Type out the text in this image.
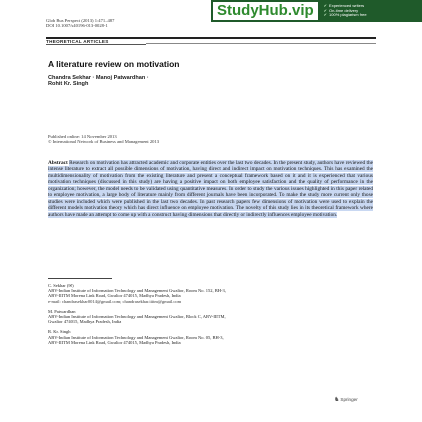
Glob Bus Perspect (2013) 1:471–487
DOI 10.1007/s40196-013-0028-1
StudyHub.vip	✔ Experienced writers
✔ On-time delivery
✔ 100% plagiarism free
THEORETICAL ARTICLES
A literature review on motivation
Chandra Sekhar · Manoj Patwardhan ·
Rohit Kr. Singh
Published online: 14 November 2013
© International Network of Business and Management 2013
Abstract Research on motivation has attracted academic and corporate entities over the last two decades. In the present study, authors have reviewed the intense literature to extract all possible dimensions of motivation, having direct and indirect impact on motivation techniques. This has examined the multidimensionality of motivation from the existing literature and present a conceptual framework based on it and it is experienced that various motivation techniques (discussed in this study) are having a positive impact on both employee satisfaction and the quality of performance in the organization; however, the model needs to be validated using quantitative measures. In order to study the various issues highlighted in this paper related to employee motivation, a large body of literature mainly from different journals have been incorporated. To make the study more current only those studies were included which were published in the last two decades. In past research papers few dimensions of motivation were used to explain the different models motivation theory which has direct influence on employee motivation. The novelty of this study lies in its theoretical framework where authors have made an attempt to come up with a construct having dimensions that directly or indirectly influences employee motivation.
C. Sekhar (✉)
ABV-Indian Institute of Information Technology and Management Gwalior, Room No. 152, BH-3,
ABV-IIITM Morena Link Road, Gwalior 474015, Madhya Pradesh, India
e-mail: chandrasekhar0014@gmail.com; chandrasekhar.iiitm@gmail.com
M. Patwardhan
ABV-Indian Institute of Information Technology and Management Gwalior, Block C, ABV-IIITM,
Gwalior 474015, Madhya Pradesh, India
R. Kr. Singh
ABV-Indian Institute of Information Technology and Management Gwalior, Room No. 05, BH-3,
ABV-IIITM Morena Link Road, Gwalior 474015, Madhya Pradesh, India
♞ Springer
